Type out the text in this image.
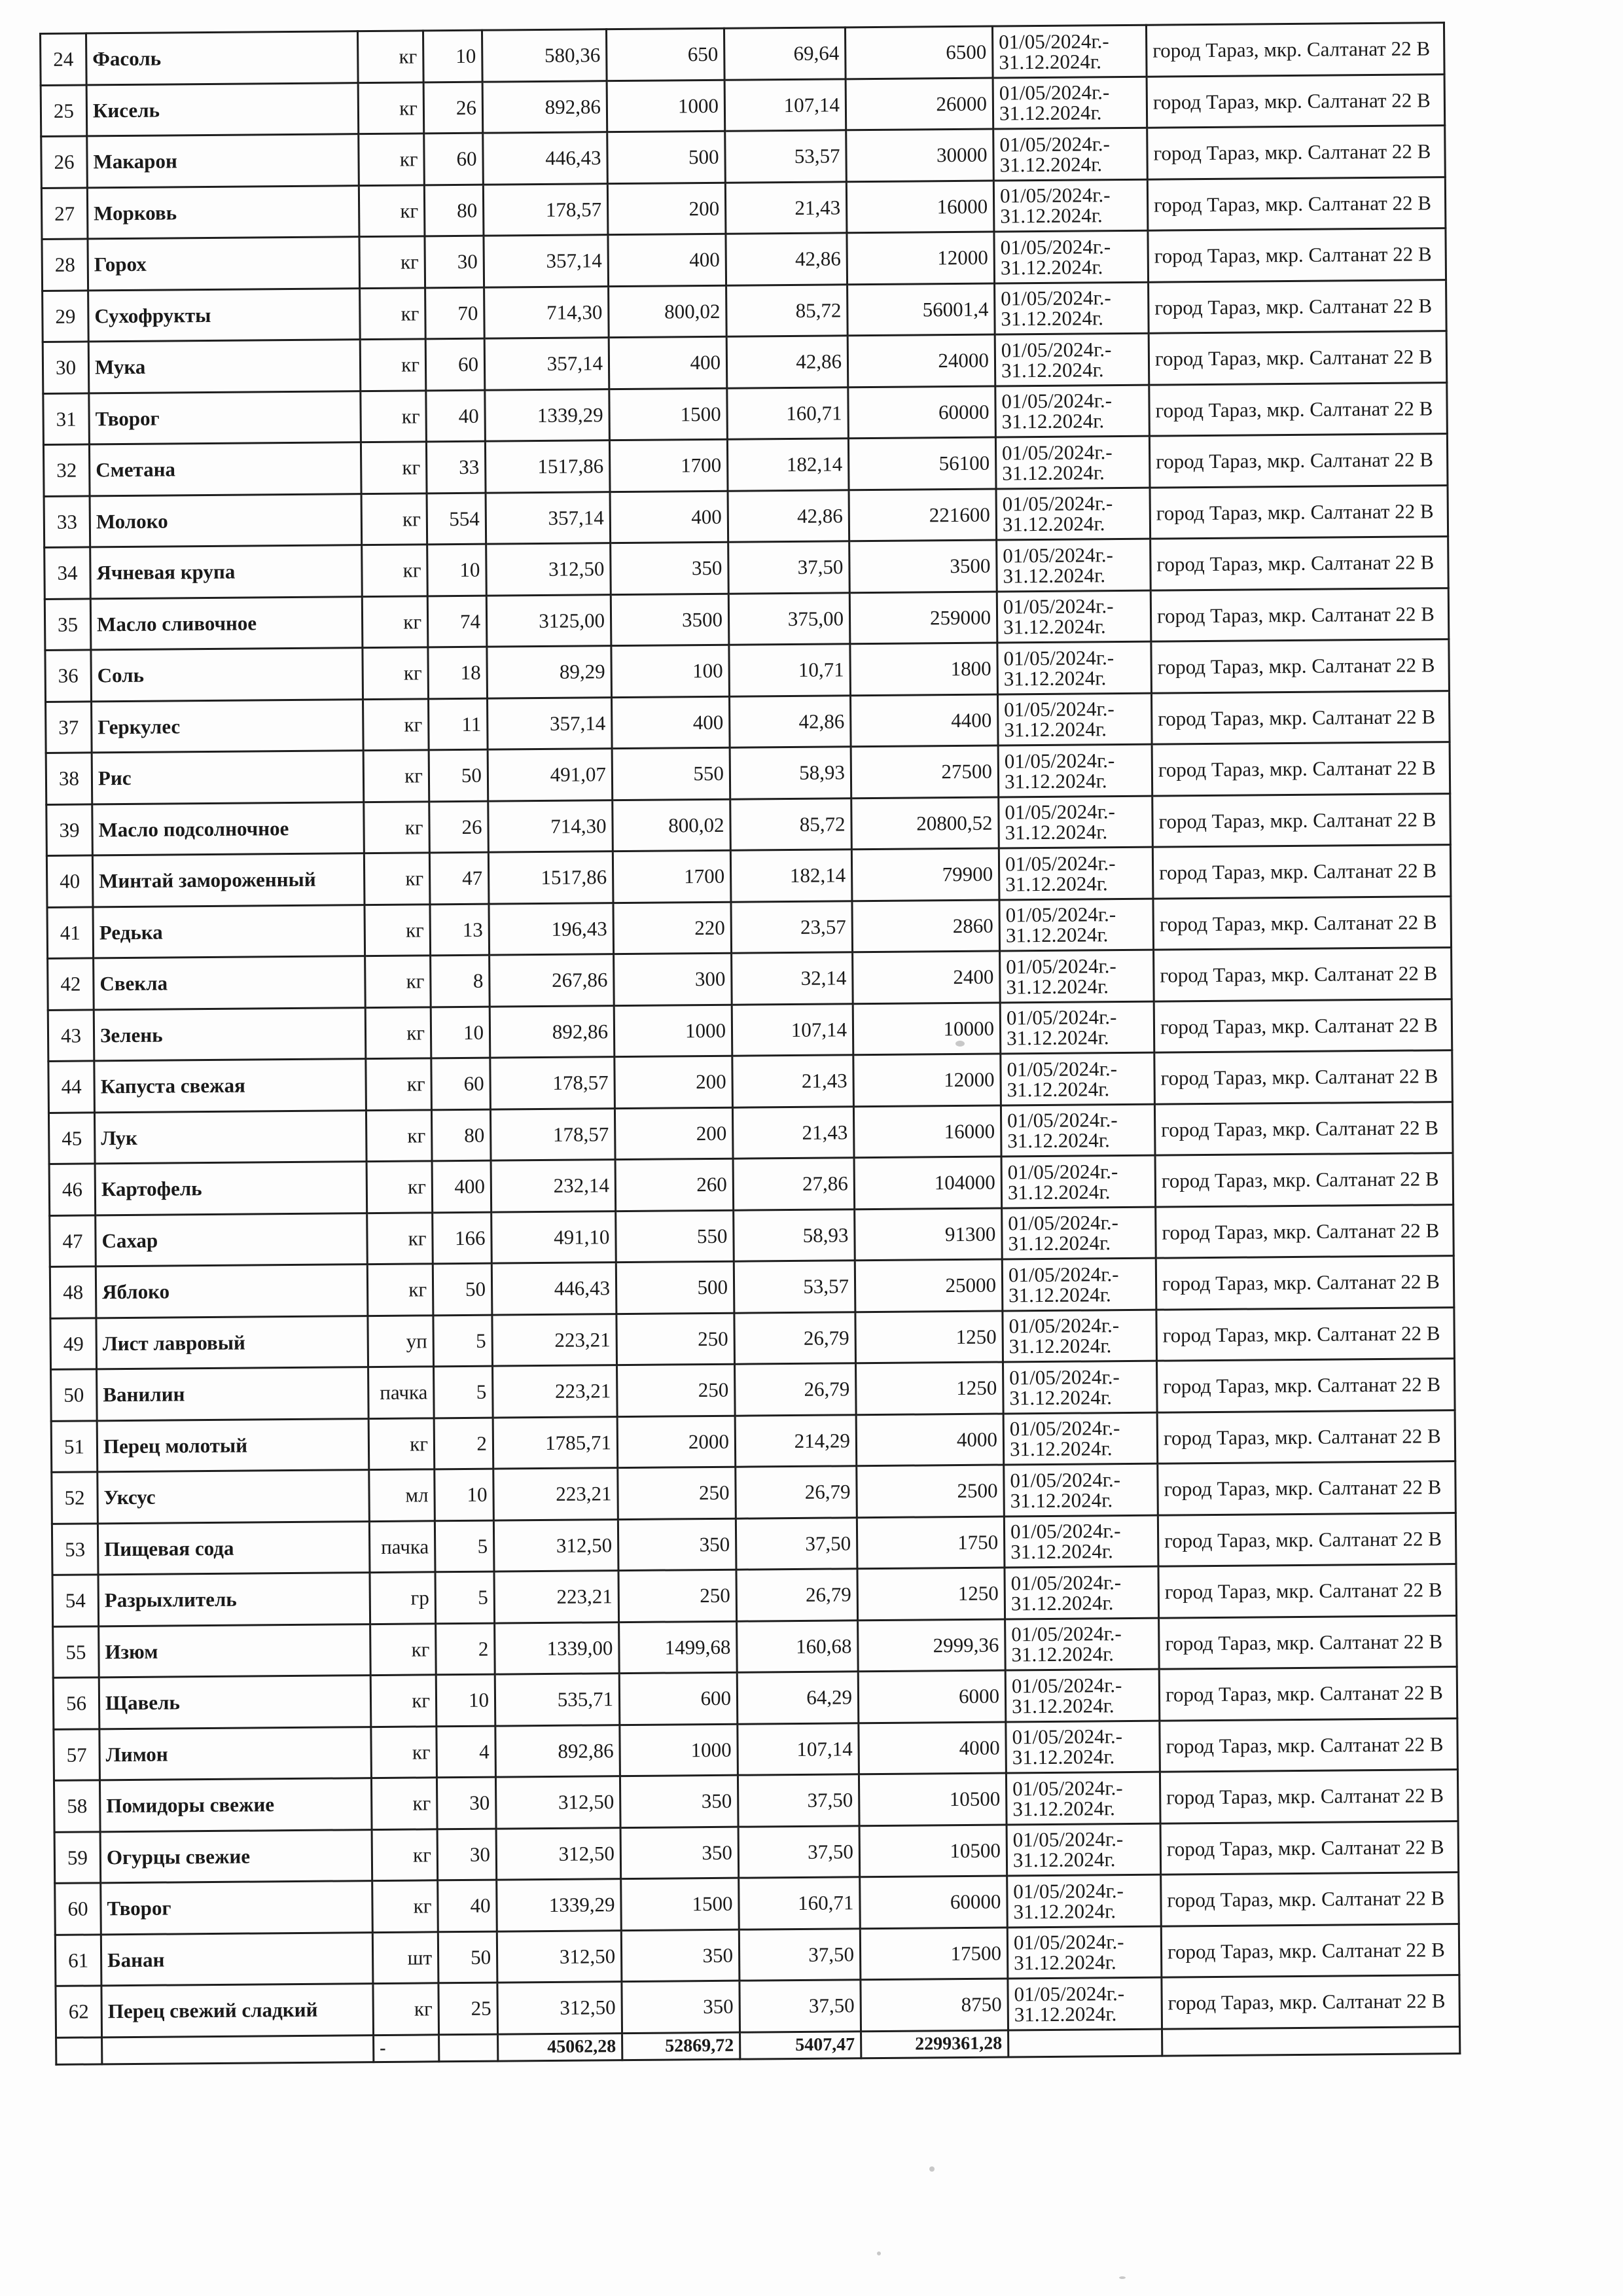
24	Фасоль	кг	10	580,36	650	69,64	6500	01/05/2024г.-
31.12.2024г.	город Тараз, мкр. Салтанат 22 В
25	Кисель	кг	26	892,86	1000	107,14	26000	01/05/2024г.-
31.12.2024г.	город Тараз, мкр. Салтанат 22 В
26	Макарон	кг	60	446,43	500	53,57	30000	01/05/2024г.-
31.12.2024г.	город Тараз, мкр. Салтанат 22 В
27	Морковь	кг	80	178,57	200	21,43	16000	01/05/2024г.-
31.12.2024г.	город Тараз, мкр. Салтанат 22 В
28	Горох	кг	30	357,14	400	42,86	12000	01/05/2024г.-
31.12.2024г.	город Тараз, мкр. Салтанат 22 В
29	Сухофрукты	кг	70	714,30	800,02	85,72	56001,4	01/05/2024г.-
31.12.2024г.	город Тараз, мкр. Салтанат 22 В
30	Мука	кг	60	357,14	400	42,86	24000	01/05/2024г.-
31.12.2024г.	город Тараз, мкр. Салтанат 22 В
31	Творог	кг	40	1339,29	1500	160,71	60000	01/05/2024г.-
31.12.2024г.	город Тараз, мкр. Салтанат 22 В
32	Сметана	кг	33	1517,86	1700	182,14	56100	01/05/2024г.-
31.12.2024г.	город Тараз, мкр. Салтанат 22 В
33	Молоко	кг	554	357,14	400	42,86	221600	01/05/2024г.-
31.12.2024г.	город Тараз, мкр. Салтанат 22 В
34	Ячневая крупа	кг	10	312,50	350	37,50	3500	01/05/2024г.-
31.12.2024г.	город Тараз, мкр. Салтанат 22 В
35	Масло сливочное	кг	74	3125,00	3500	375,00	259000	01/05/2024г.-
31.12.2024г.	город Тараз, мкр. Салтанат 22 В
36	Соль	кг	18	89,29	100	10,71	1800	01/05/2024г.-
31.12.2024г.	город Тараз, мкр. Салтанат 22 В
37	Геркулес	кг	11	357,14	400	42,86	4400	01/05/2024г.-
31.12.2024г.	город Тараз, мкр. Салтанат 22 В
38	Рис	кг	50	491,07	550	58,93	27500	01/05/2024г.-
31.12.2024г.	город Тараз, мкр. Салтанат 22 В
39	Масло подсолночное	кг	26	714,30	800,02	85,72	20800,52	01/05/2024г.-
31.12.2024г.	город Тараз, мкр. Салтанат 22 В
40	Минтай замороженный	кг	47	1517,86	1700	182,14	79900	01/05/2024г.-
31.12.2024г.	город Тараз, мкр. Салтанат 22 В
41	Редька	кг	13	196,43	220	23,57	2860	01/05/2024г.-
31.12.2024г.	город Тараз, мкр. Салтанат 22 В
42	Свекла	кг	8	267,86	300	32,14	2400	01/05/2024г.-
31.12.2024г.	город Тараз, мкр. Салтанат 22 В
43	Зелень	кг	10	892,86	1000	107,14	10000	01/05/2024г.-
31.12.2024г.	город Тараз, мкр. Салтанат 22 В
44	Капуста свежая	кг	60	178,57	200	21,43	12000	01/05/2024г.-
31.12.2024г.	город Тараз, мкр. Салтанат 22 В
45	Лук	кг	80	178,57	200	21,43	16000	01/05/2024г.-
31.12.2024г.	город Тараз, мкр. Салтанат 22 В
46	Картофель	кг	400	232,14	260	27,86	104000	01/05/2024г.-
31.12.2024г.	город Тараз, мкр. Салтанат 22 В
47	Сахар	кг	166	491,10	550	58,93	91300	01/05/2024г.-
31.12.2024г.	город Тараз, мкр. Салтанат 22 В
48	Яблоко	кг	50	446,43	500	53,57	25000	01/05/2024г.-
31.12.2024г.	город Тараз, мкр. Салтанат 22 В
49	Лист лавровый	уп	5	223,21	250	26,79	1250	01/05/2024г.-
31.12.2024г.	город Тараз, мкр. Салтанат 22 В
50	Ванилин	пачка	5	223,21	250	26,79	1250	01/05/2024г.-
31.12.2024г.	город Тараз, мкр. Салтанат 22 В
51	Перец молотый	кг	2	1785,71	2000	214,29	4000	01/05/2024г.-
31.12.2024г.	город Тараз, мкр. Салтанат 22 В
52	Уксус	мл	10	223,21	250	26,79	2500	01/05/2024г.-
31.12.2024г.	город Тараз, мкр. Салтанат 22 В
53	Пищевая сода	пачка	5	312,50	350	37,50	1750	01/05/2024г.-
31.12.2024г.	город Тараз, мкр. Салтанат 22 В
54	Разрыхлитель	гр	5	223,21	250	26,79	1250	01/05/2024г.-
31.12.2024г.	город Тараз, мкр. Салтанат 22 В
55	Изюм	кг	2	1339,00	1499,68	160,68	2999,36	01/05/2024г.-
31.12.2024г.	город Тараз, мкр. Салтанат 22 В
56	Щавель	кг	10	535,71	600	64,29	6000	01/05/2024г.-
31.12.2024г.	город Тараз, мкр. Салтанат 22 В
57	Лимон	кг	4	892,86	1000	107,14	4000	01/05/2024г.-
31.12.2024г.	город Тараз, мкр. Салтанат 22 В
58	Помидоры свежие	кг	30	312,50	350	37,50	10500	01/05/2024г.-
31.12.2024г.	город Тараз, мкр. Салтанат 22 В
59	Огурцы свежие	кг	30	312,50	350	37,50	10500	01/05/2024г.-
31.12.2024г.	город Тараз, мкр. Салтанат 22 В
60	Творог	кг	40	1339,29	1500	160,71	60000	01/05/2024г.-
31.12.2024г.	город Тараз, мкр. Салтанат 22 В
61	Банан	шт	50	312,50	350	37,50	17500	01/05/2024г.-
31.12.2024г.	город Тараз, мкр. Салтанат 22 В
62	Перец свежий сладкий	кг	25	312,50	350	37,50	8750	01/05/2024г.-
31.12.2024г.	город Тараз, мкр. Салтанат 22 В
		-		45062,28	52869,72	5407,47	2299361,28		
